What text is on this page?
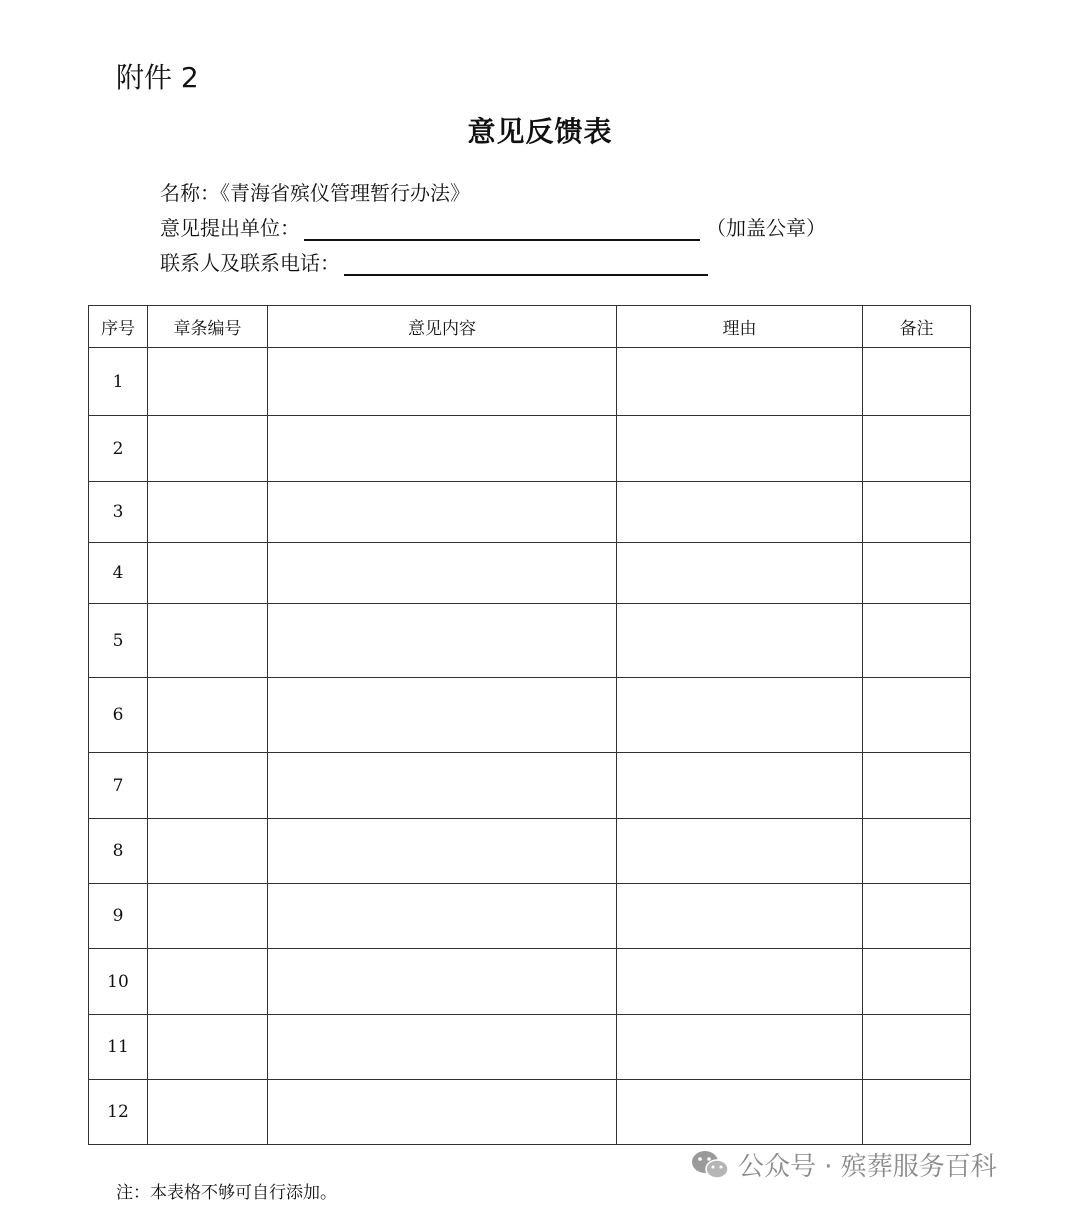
附件 2
意见反馈表
名称：《青海省殡仪管理暂行办法》
意见提出单位：	（加盖公章）
联系人及联系电话：
序号	章条编号	意见内容	理由	备注
1				
2				
3				
4				
5				
6				
7				
8				
9				
10				
11				
12				
公众号 · 殡葬服务百科
注：本表格不够可自行添加。
